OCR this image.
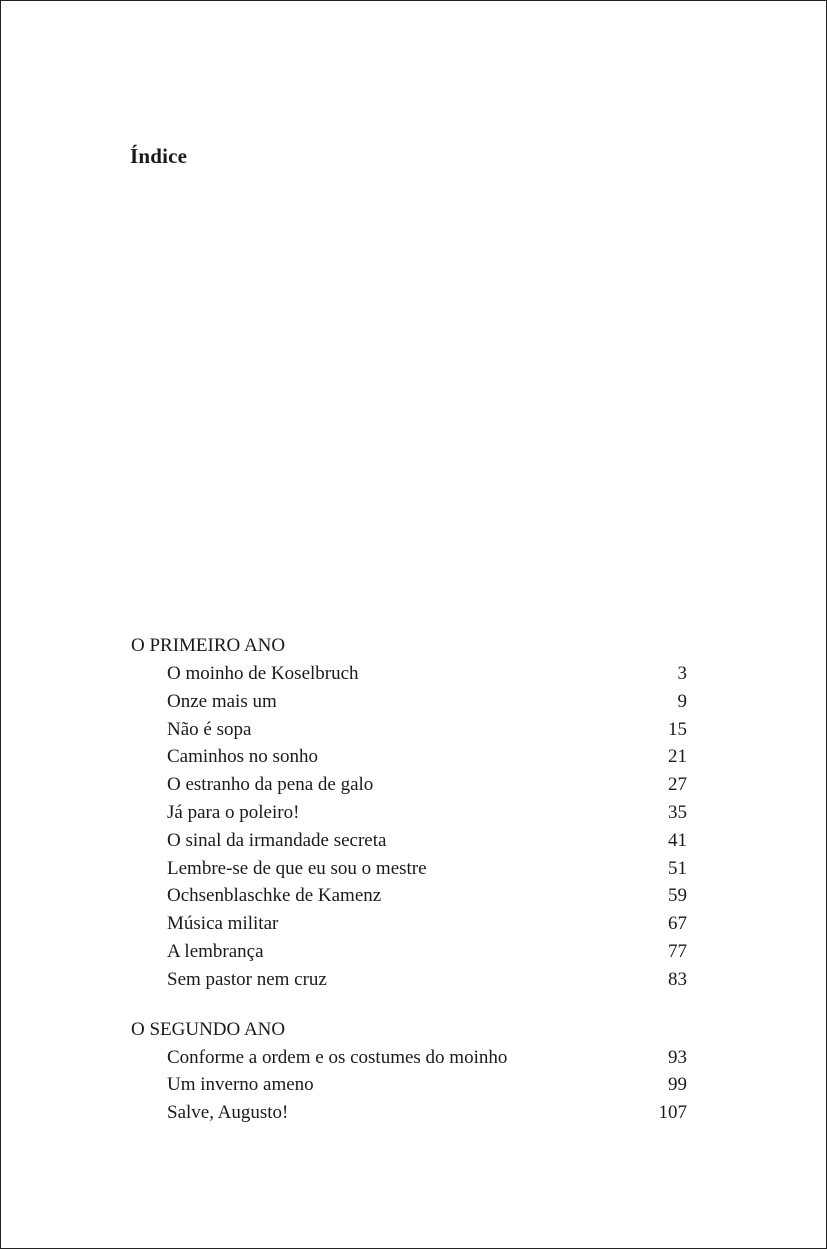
Índice
O PRIMEIRO ANO
O moinho de Koselbruch	3
Onze mais um	9
Não é sopa	15
Caminhos no sonho	21
O estranho da pena de galo	27
Já para o poleiro!	35
O sinal da irmandade secreta	41
Lembre-se de que eu sou o mestre	51
Ochsenblaschke de Kamenz	59
Música militar	67
A lembrança	77
Sem pastor nem cruz	83
O SEGUNDO ANO
Conforme a ordem e os costumes do moinho	93
Um inverno ameno	99
Salve, Augusto!	107
